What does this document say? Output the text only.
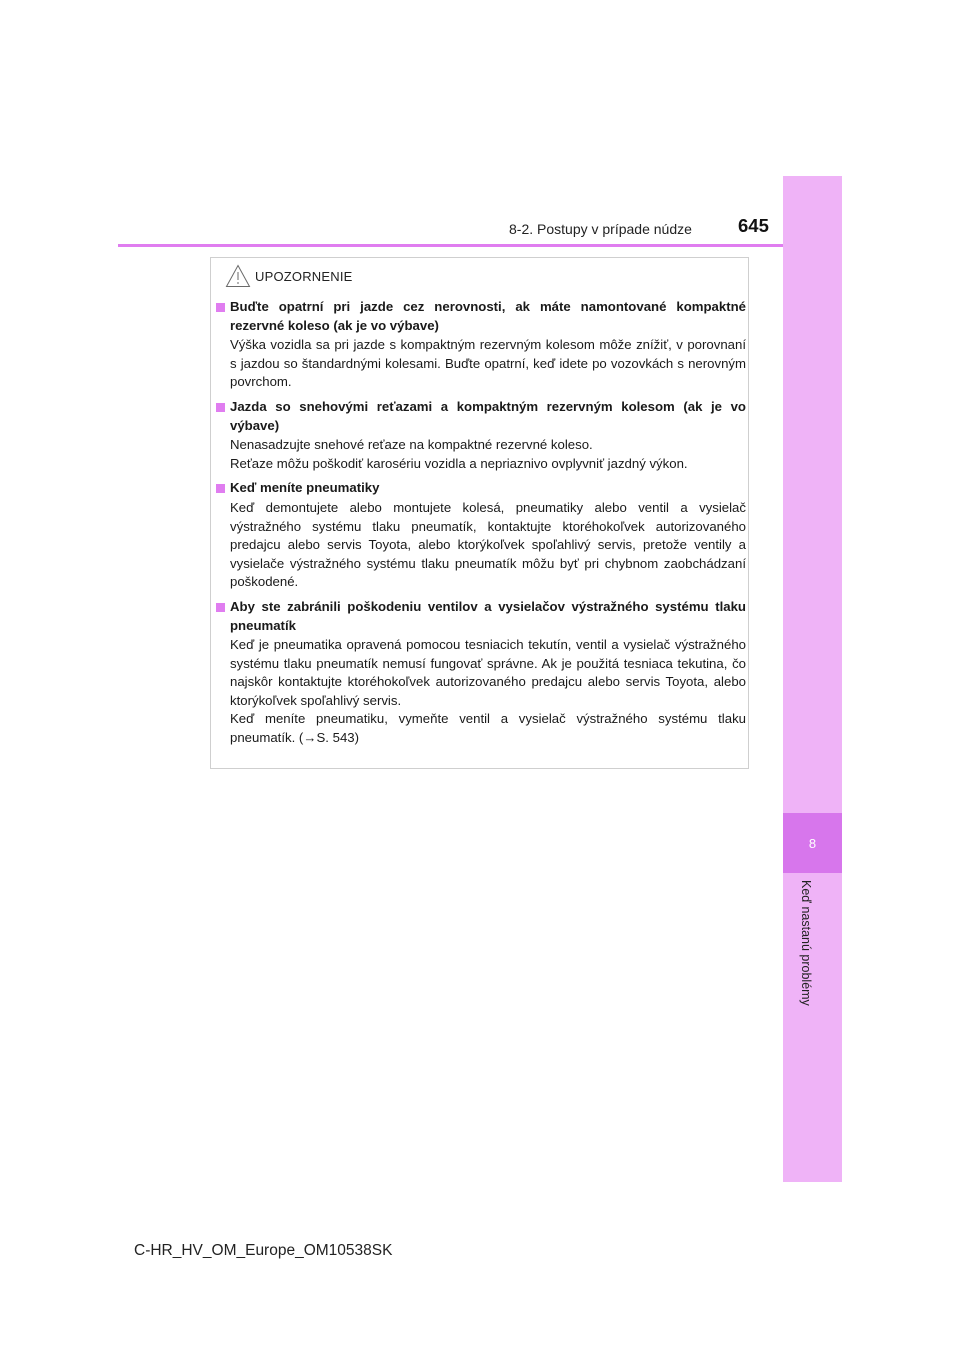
8
Keď nastanú problémy
8-2. Postupy v prípade núdze 645
UPOZORNENIE
Buďte opatrní pri jazde cez nerovnosti, ak máte namontované kompaktné rezervné koleso (ak je vo výbave)

Výška vozidla sa pri jazde s kompaktným rezervným kolesom môže znížiť, v porovnaní s jazdou so štandardnými kolesami. Buďte opatrní, keď idete po vozovkách s nerovným povrchom.

Jazda so snehovými reťazami a kompaktným rezervným kolesom (ak je vo výbave)

Nenasadzujte snehové reťaze na kompaktné rezervné koleso.

Reťaze môžu poškodiť karosériu vozidla a nepriaznivo ovplyvniť jazdný výkon.

Keď meníte pneumatiky

Keď demontujete alebo montujete kolesá, pneumatiky alebo ventil a vysielač výstražného systému tlaku pneumatík, kontaktujte ktoréhokoľvek autorizovaného predajcu alebo servis Toyota, alebo ktorýkoľvek spoľahlivý servis, pretože ventily a vysielače výstražného systému tlaku pneumatík môžu byť pri chybnom zaobchádzaní poškodené.

Aby ste zabránili poškodeniu ventilov a vysielačov výstražného systému tlaku pneumatík

Keď je pneumatika opravená pomocou tesniacich tekutín, ventil a vysielač výstražného systému tlaku pneumatík nemusí fungovať správne. Ak je použitá tesniaca tekutina, čo najskôr kontaktujte ktoréhokoľvek autorizovaného predajcu alebo servis Toyota, alebo ktorýkoľvek spoľahlivý servis.

Keď meníte pneumatiku, vymeňte ventil a vysielač výstražného systému tlaku pneumatík. (→S. 543)

C-HR_HV_OM_Europe_OM10538SK
